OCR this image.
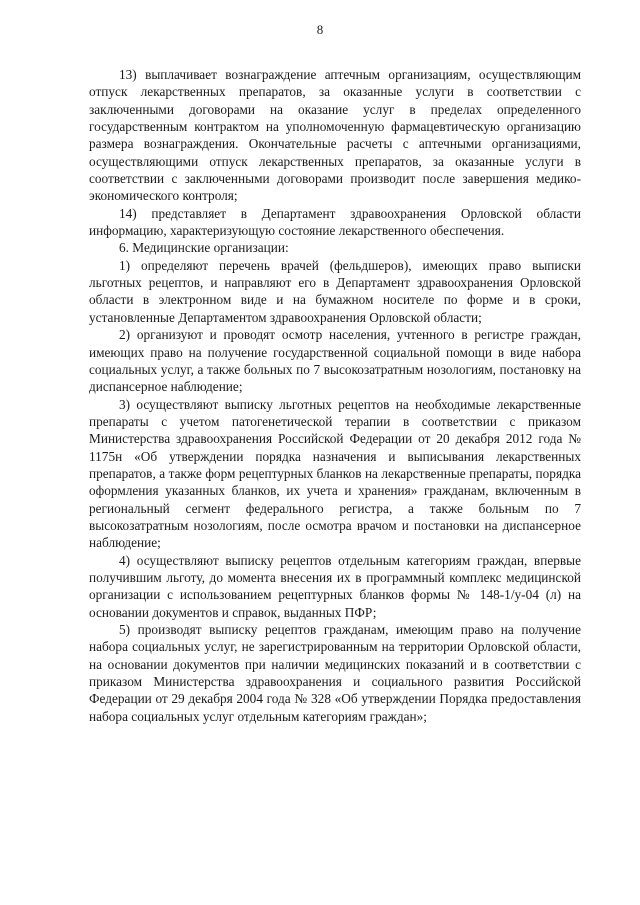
8

13) выплачивает вознаграждение аптечным организациям, осуществляющим отпуск лекарственных препаратов, за оказанные услуги в соответствии с заключенными договорами на оказание услуг в пределах определенного государственным контрактом на уполномоченную фармацевтическую организацию размера вознаграждения. Окончательные расчеты с аптечными организациями, осуществляющими отпуск лекарственных препаратов, за оказанные услуги в соответствии с заключенными договорами производит после завершения медико-экономического контроля;

14) представляет в Департамент здравоохранения Орловской области информацию, характеризующую состояние лекарственного обеспечения.

6. Медицинские организации:

1) определяют перечень врачей (фельдшеров), имеющих право выписки льготных рецептов, и направляют его в Департамент здравоохранения Орловской области в электронном виде и на бумажном носителе по форме и в сроки, установленные Департаментом здравоохранения Орловской области;

2) организуют и проводят осмотр населения, учтенного в регистре граждан, имеющих право на получение государственной социальной помощи в виде набора социальных услуг, а также больных по 7 высокозатратным нозологиям, постановку на диспансерное наблюдение;

3) осуществляют выписку льготных рецептов на необходимые лекарственные препараты с учетом патогенетической терапии в соответствии с приказом Министерства здравоохранения Российской Федерации от 20 декабря 2012 года № 1175н «Об утверждении порядка назначения и выписывания лекарственных препаратов, а также форм рецептурных бланков на лекарственные препараты, порядка оформления указанных бланков, их учета и хранения» гражданам, включенным в региональный сегмент федерального регистра, а также больным по 7 высокозатратным нозологиям, после осмотра врачом и постановки на диспансерное наблюдение;

4) осуществляют выписку рецептов отдельным категориям граждан, впервые получившим льготу, до момента внесения их в программный комплекс медицинской организации с использованием рецептурных бланков формы № 148-1/у-04 (л) на основании документов и справок, выданных ПФР;

5) производят выписку рецептов гражданам, имеющим право на получение набора социальных услуг, не зарегистрированным на территории Орловской области, на основании документов при наличии медицинских показаний и в соответствии с приказом Министерства здравоохранения и социального развития Российской Федерации от 29 декабря 2004 года № 328 «Об утверждении Порядка предоставления набора социальных услуг отдельным категориям граждан»;
